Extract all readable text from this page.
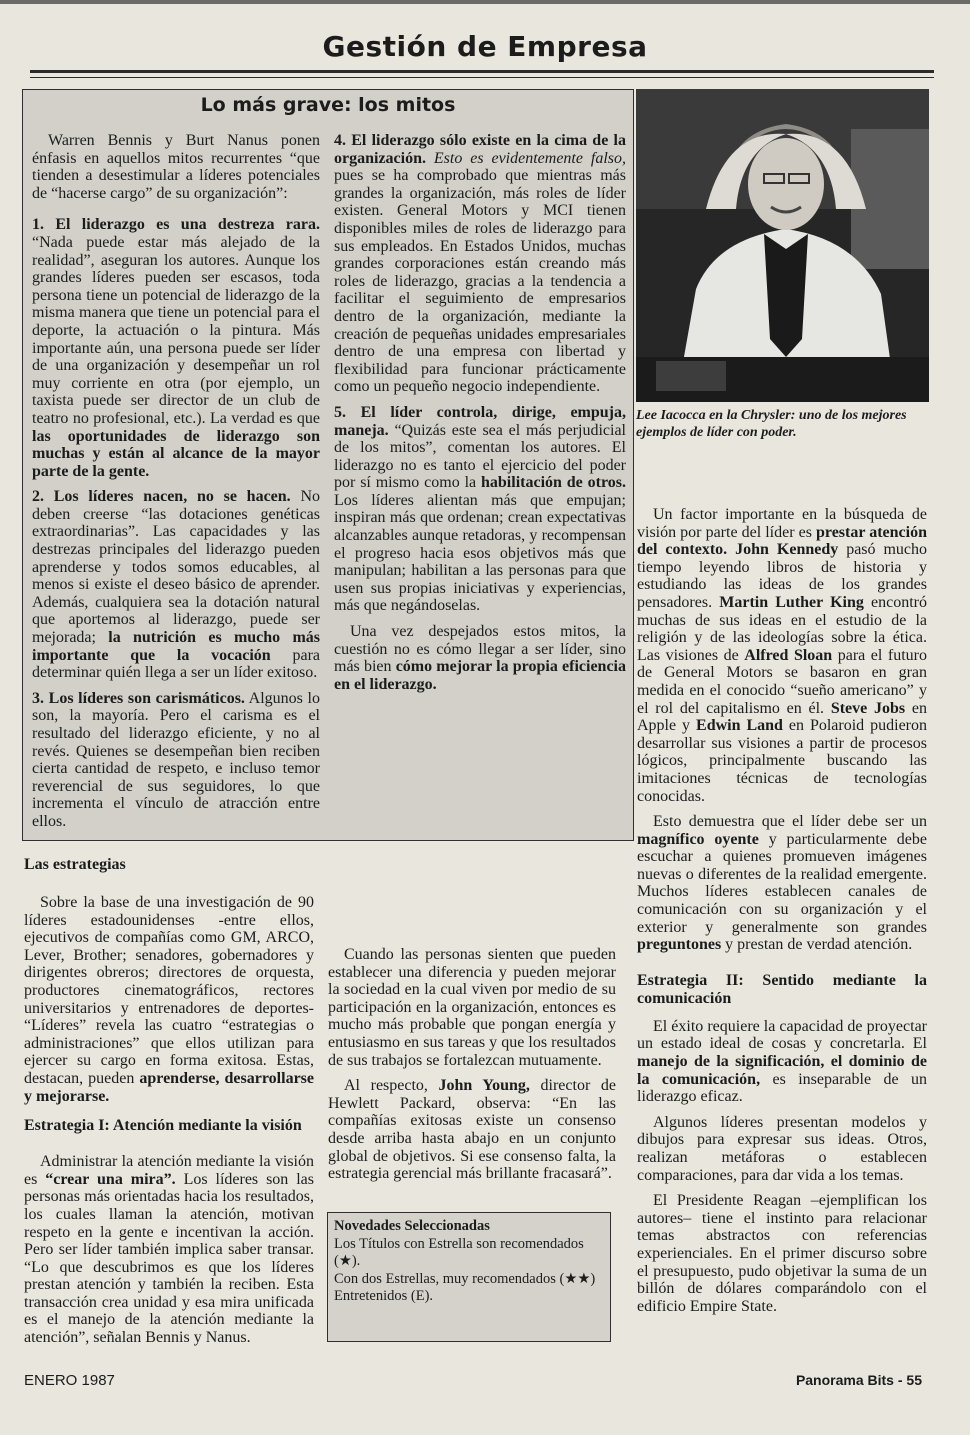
Gestión de Empresa
Lo más grave: los mitos

Warren Bennis y Burt Nanus ponen énfasis en aquellos mitos recurrentes “que tienden a desestimular a líderes potenciales de “hacerse cargo” de su organización”:

1. El liderazgo es una destreza rara. “Nada puede estar más alejado de la realidad”, aseguran los autores. Aunque los grandes líderes pueden ser escasos, toda persona tiene un potencial de liderazgo de la misma manera que tiene un potencial para el deporte, la actuación o la pintura. Más importante aún, una persona puede ser líder de una organización y desempeñar un rol muy corriente en otra (por ejemplo, un taxista puede ser director de un club de teatro no profesional, etc.). La verdad es que las oportunidades de liderazgo son muchas y están al alcance de la mayor parte de la gente.

2. Los líderes nacen, no se hacen. No deben creerse “las dotaciones genéticas extraordinarias”. Las capacidades y las destrezas principales del liderazgo pueden aprenderse y todos somos educables, al menos si existe el deseo básico de aprender. Además, cualquiera sea la dotación natural que aportemos al liderazgo, puede ser mejorada; la nutrición es mucho más importante que la vocación para determinar quién llega a ser un líder exitoso.

3. Los líderes son carismáticos. Algunos lo son, la mayoría. Pero el carisma es el resultado del liderazgo eficiente, y no al revés. Quienes se desempeñan bien reciben cierta cantidad de respeto, e incluso temor reverencial de sus seguidores, lo que incrementa el vínculo de atracción entre ellos.

4. El liderazgo sólo existe en la cima de la organización. Esto es evidentemente falso, pues se ha comprobado que mientras más grandes la organización, más roles de líder existen. General Motors y MCI tienen disponibles miles de roles de liderazgo para sus empleados. En Estados Unidos, muchas grandes corporaciones están creando más roles de liderazgo, gracias a la tendencia a facilitar el seguimiento de empresarios dentro de la organización, mediante la creación de pequeñas unidades empresariales dentro de una empresa con libertad y flexibilidad para funcionar prácticamente como un pequeño negocio independiente.

5. El líder controla, dirige, empuja, maneja. “Quizás este sea el más perjudicial de los mitos”, comentan los autores. El liderazgo no es tanto el ejercicio del poder por sí mismo como la habilitación de otros. Los líderes alientan más que empujan; inspiran más que ordenan; crean expectativas alcanzables aunque retadoras, y recompensan el progreso hacia esos objetivos más que manipulan; habilitan a las personas para que usen sus propias iniciativas y experiencias, más que negándoselas.

Una vez despejados estos mitos, la cuestión no es cómo llegar a ser líder, sino más bien cómo mejorar la propia eficiencia en el liderazgo.

Lee Iacocca en la Chrysler: uno de los mejores ejemplos de líder con poder.
Las estrategias

Sobre la base de una investigación de 90 líderes estadounidenses -entre ellos, ejecutivos de compañías como GM, ARCO, Lever, Brother; senadores, gobernadores y dirigentes obreros; directores de orquesta, productores cinematográficos, rectores universitarios y entrenadores de deportes- “Líderes” revela las cuatro “estrategias o administraciones” que ellos utilizan para ejercer su cargo en forma exitosa. Estas, destacan, pueden aprenderse, desarrollarse y mejorarse.

Estrategia I: Atención mediante la visión

Administrar la atención mediante la visión es “crear una mira”. Los líderes son las personas más orientadas hacia los resultados, los cuales llaman la atención, motivan respeto en la gente e incentivan la acción. Pero ser líder también implica saber transar. “Lo que descubrimos es que los líderes prestan atención y también la reciben. Esta transacción crea unidad y esa mira unificada es el manejo de la atención mediante la atención”, señalan Bennis y Nanus.

Cuando las personas sienten que pueden establecer una diferencia y pueden mejorar la sociedad en la cual viven por medio de su participación en la organización, entonces es mucho más probable que pongan energía y entusiasmo en sus tareas y que los resultados de sus trabajos se fortalezcan mutuamente.

Al respecto, John Young, director de Hewlett Packard, observa: “En las compañías exitosas existe un consenso desde arriba hasta abajo en un conjunto global de objetivos. Si ese consenso falta, la estrategia gerencial más brillante fracasará”.

Un factor importante en la búsqueda de visión por parte del líder es prestar atención del contexto. John Kennedy pasó mucho tiempo leyendo libros de historia y estudiando las ideas de los grandes pensadores. Martin Luther King encontró muchas de sus ideas en el estudio de la religión y de las ideologías sobre la ética. Las visiones de Alfred Sloan para el futuro de General Motors se basaron en gran medida en el conocido “sueño americano” y el rol del capitalismo en él. Steve Jobs en Apple y Edwin Land en Polaroid pudieron desarrollar sus visiones a partir de procesos lógicos, principalmente buscando las imitaciones técnicas de tecnologías conocidas.

Esto demuestra que el líder debe ser un magnífico oyente y particularmente debe escuchar a quienes promueven imágenes nuevas o diferentes de la realidad emergente. Muchos líderes establecen canales de comunicación con su organización y el exterior y generalmente son grandes preguntones y prestan de verdad atención.

Estrategia II: Sentido mediante la comunicación

El éxito requiere la capacidad de proyectar un estado ideal de cosas y concretarla. El manejo de la significación, el dominio de la comunicación, es inseparable de un liderazgo eficaz.

Algunos líderes presentan modelos y dibujos para expresar sus ideas. Otros, realizan metáforas o establecen comparaciones, para dar vida a los temas.

El Presidente Reagan –ejemplifican los autores– tiene el instinto para relacionar temas abstractos con referencias experienciales. En el primer discurso sobre el presupuesto, pudo objetivar la suma de un billón de dólares comparándolo con el edificio Empire State.

Novedades Seleccionadas
Los Títulos con Estrella son recomendados (★).
Con dos Estrellas, muy recomendados (★★)
Entretenidos (E).
ENERO 1987	Panorama Bits - 55
